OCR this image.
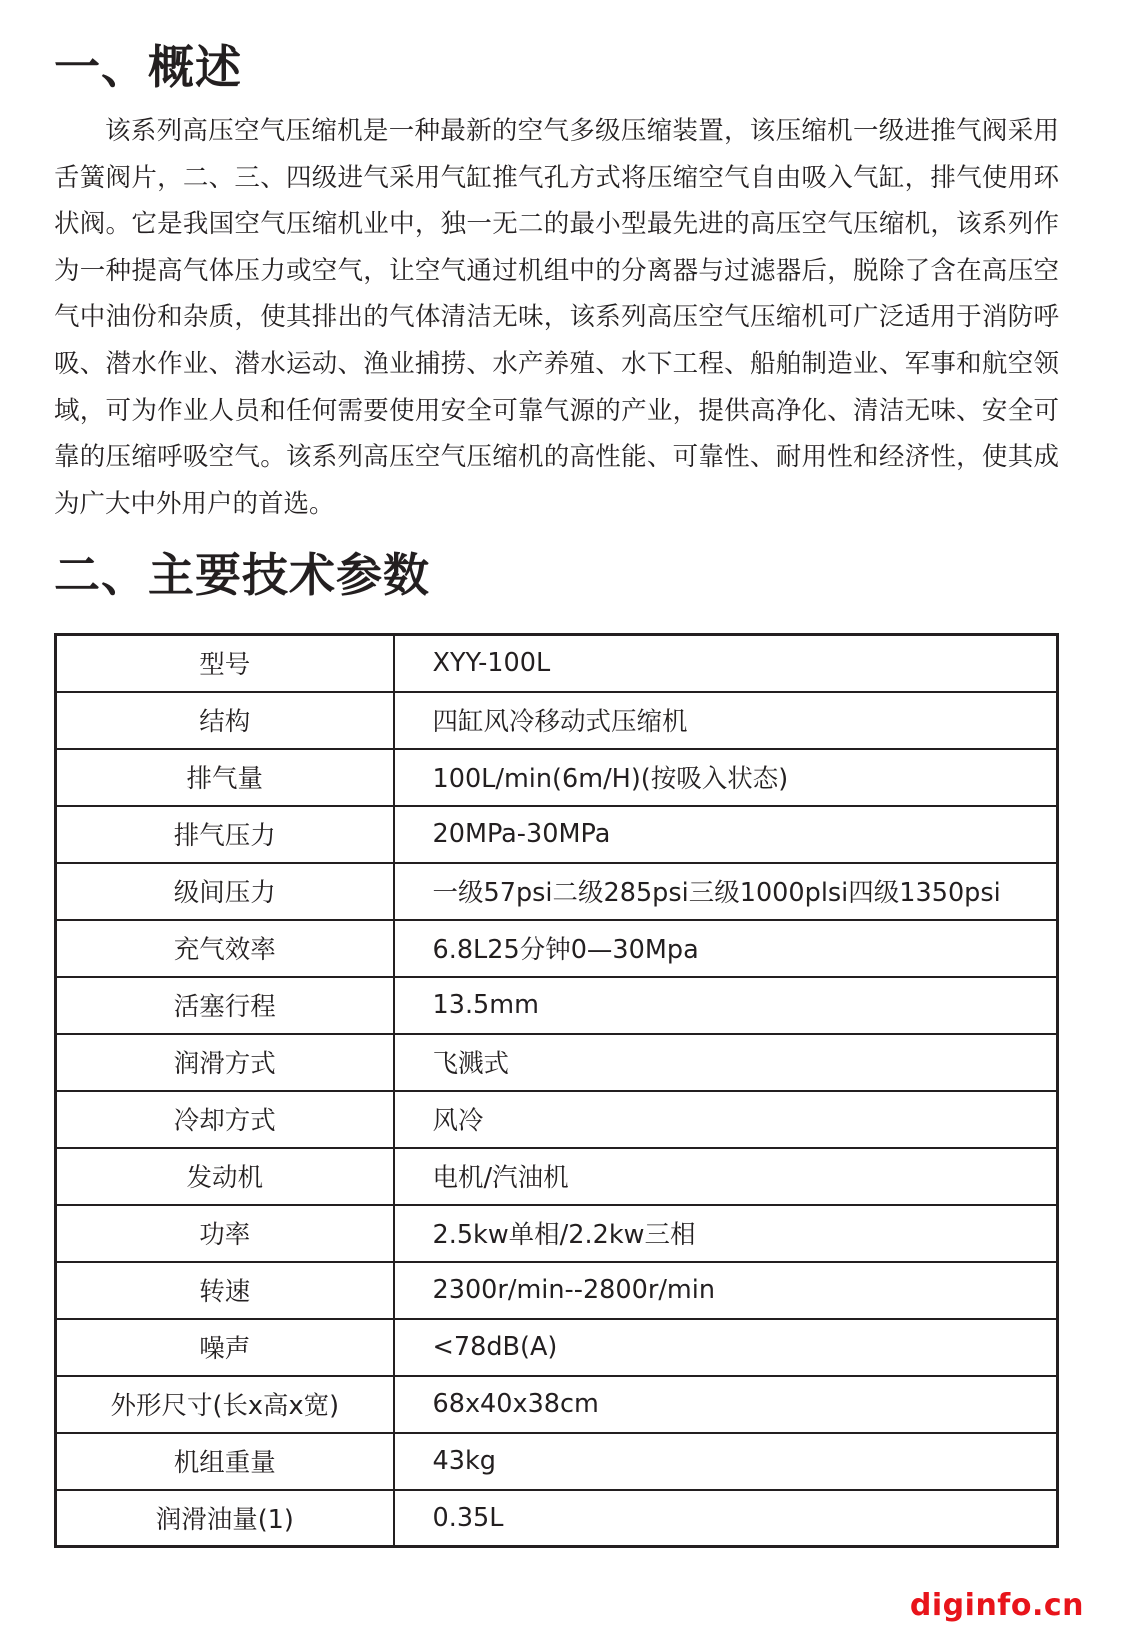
一、概述

该系列高压空气压缩机是一种最新的空气多级压缩装置，该压缩机一级进推气阀采用舌簧阀片，二、三、四级进气采用气缸推气孔方式将压缩空气自由吸入气缸，排气使用环状阀。它是我国空气压缩机业中，独一无二的最小型最先进的高压空气压缩机，该系列作为一种提高气体压力或空气，让空气通过机组中的分离器与过滤器后，脱除了含在高压空气中油份和杂质，使其排出的气体清洁无味，该系列高压空气压缩机可广泛适用于消防呼吸、潜水作业、潜水运动、渔业捕捞、水产养殖、水下工程、船舶制造业、军事和航空领域，可为作业人员和任何需要使用安全可靠气源的产业，提供高净化、清洁无味、安全可靠的压缩呼吸空气。该系列高压空气压缩机的高性能、可靠性、耐用性和经济性，使其成为广大中外用户的首选。

二、主要技术参数
型号	XYY-100L
结构	四缸风冷移动式压缩机
排气量	100L/min(6m/H)(按吸入状态)
排气压力	20MPa-30MPa
级间压力	一级57psi二级285psi三级1000plsi四级1350psi
充气效率	6.8L25分钟0—30Mpa
活塞行程	13.5mm
润滑方式	飞溅式
冷却方式	风冷
发动机	电机/汽油机
功率	2.5kw单相/2.2kw三相
转速	2300r/min--2800r/min
噪声	<78dB(A)
外形尺寸(长x高x宽)	68x40x38cm
机组重量	43kg
润滑油量(1)	0.35L
diginfo.cn
